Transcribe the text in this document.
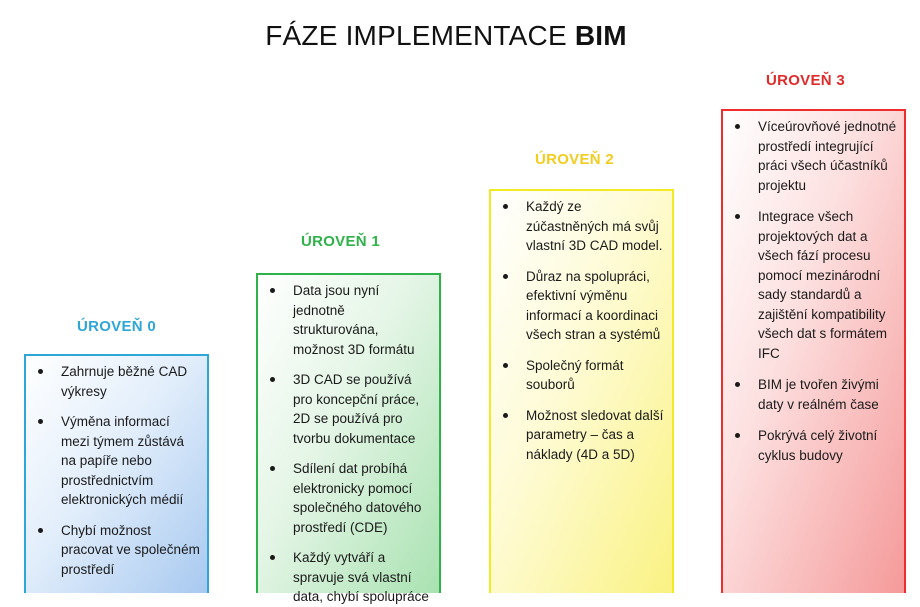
FÁZE IMPLEMENTACE BIM
ÚROVEŇ 0
Zahrnuje běžné CAD výkresy
Výměna informací mezi týmem zůstává na papíře nebo prostřednictvím elektronických médií
Chybí možnost pracovat ve společném prostředí
ÚROVEŇ 1
Data jsou nyní jednotně strukturována, možnost 3D formátu
3D CAD se používá pro koncepční práce, 2D se používá pro tvorbu dokumentace
Sdílení dat probíhá elektronicky pomocí společného datového prostředí (CDE)
Každý vytváří a spravuje svá vlastní data, chybí spolupráce
ÚROVEŇ 2
Každý ze zúčastněných má svůj vlastní 3D CAD model.
Důraz na spolupráci, efektivní výměnu informací a koordinaci všech stran a systémů
Společný formát souborů
Možnost sledovat další parametry – čas a náklady (4D a 5D)
ÚROVEŇ 3
Víceúrovňové jednotné prostředí integrující práci všech účastníků projektu
Integrace všech projektových dat a všech fází procesu pomocí mezinárodní sady standardů a zajištění kompatibility všech dat s formátem IFC
BIM je tvořen živými daty v reálném čase
Pokrývá celý životní cyklus budovy
